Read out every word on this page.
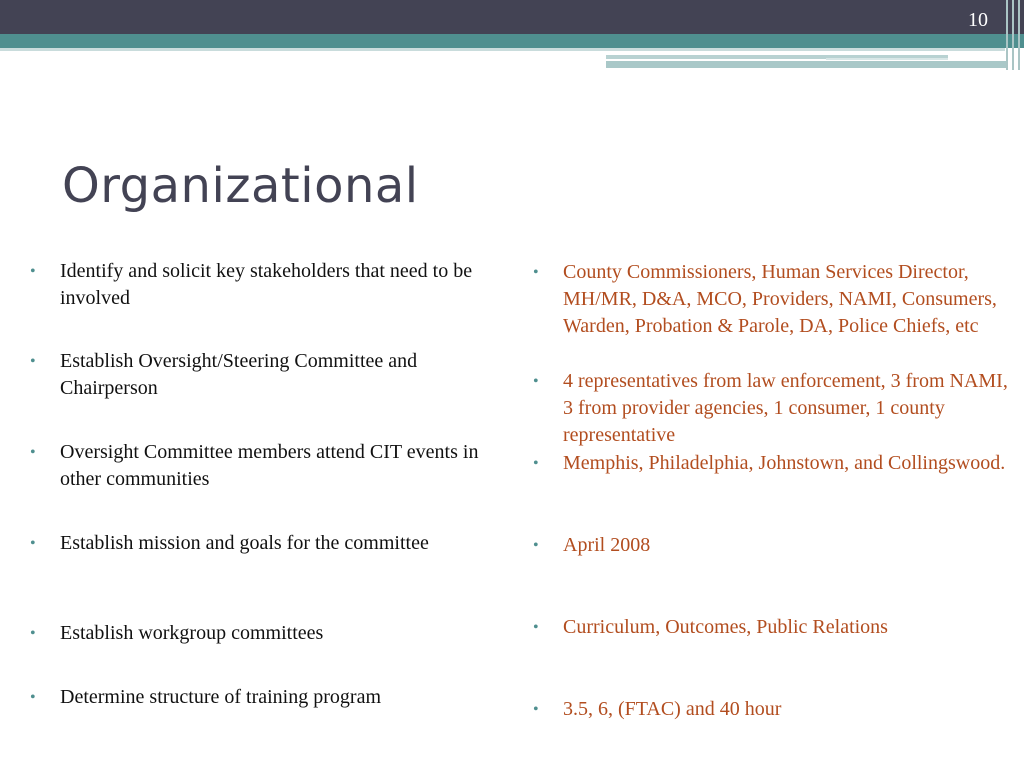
10
Organizational
• Identify and solicit key stakeholders that need to be involved
• Establish Oversight/Steering Committee and Chairperson
• Oversight Committee members attend CIT events in other communities
• Establish mission and goals for the committee
• Establish workgroup committees
• Determine structure of training program
• County Commissioners, Human Services Director, MH/MR, D&A, MCO, Providers, NAMI, Consumers, Warden, Probation & Parole, DA, Police Chiefs, etc
• 4 representatives from law enforcement, 3 from NAMI, 3 from provider agencies, 1 consumer, 1 county representative
• Memphis, Philadelphia, Johnstown, and Collingswood.
• April 2008
• Curriculum, Outcomes, Public Relations
• 3.5, 6, (FTAC) and 40 hour
